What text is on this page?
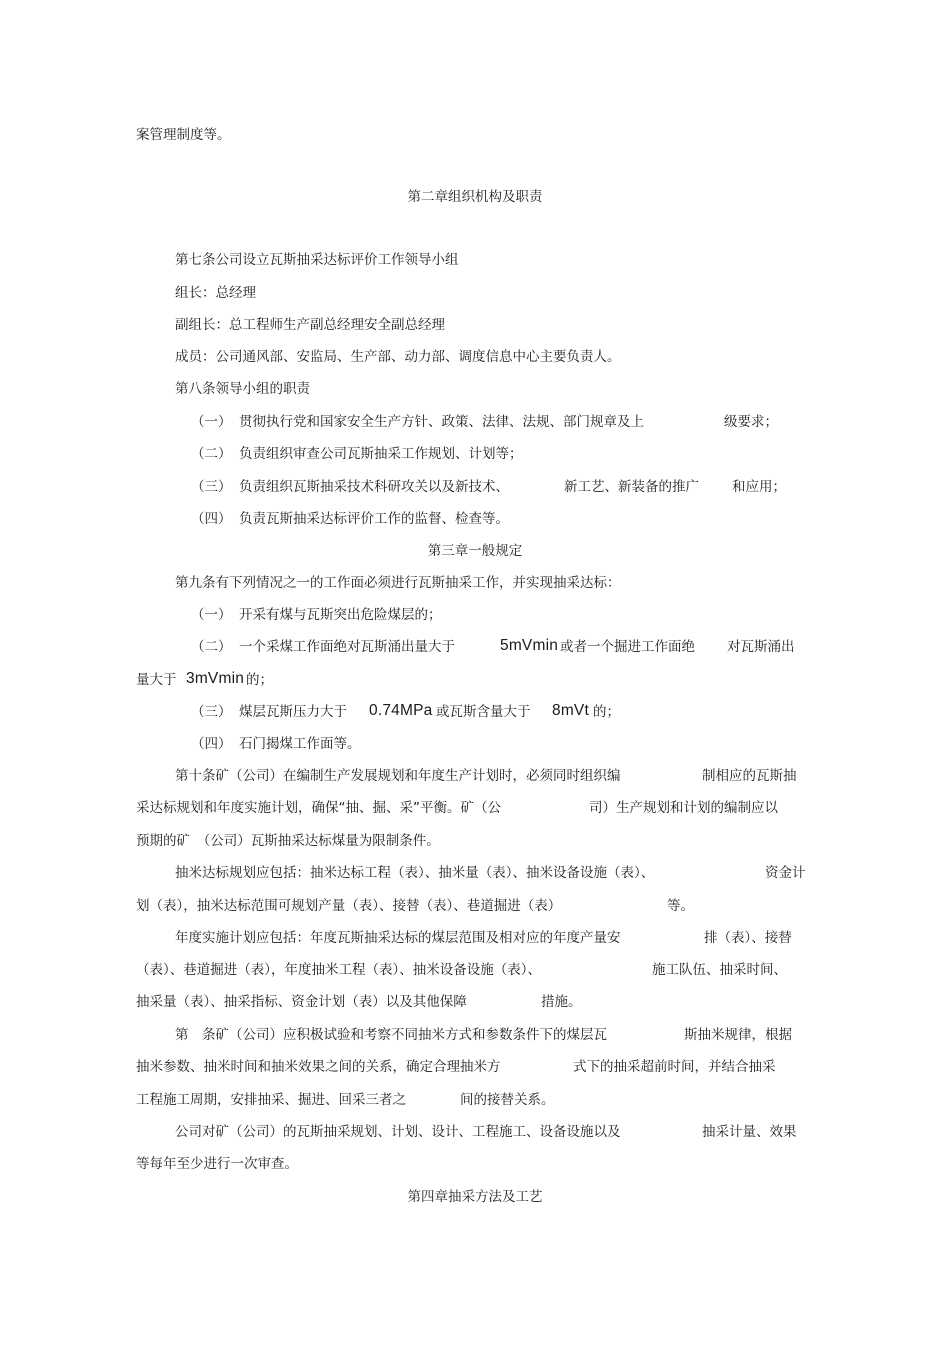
案管理制度等。
第二章组织机构及职责
第七条公司设立瓦斯抽采达标评价工作领导小组
组长：总经理
副组长：总工程师生产副总经理安全副总经理
成员：公司通风部、安监局、生产部、动力部、调度信息中心主要负责人。
第八条领导小组的职责
（一） 贯彻执行党和国家安全生产方针、政策、法律、法规、部门规章及上	级要求；
（二） 负责组织审查公司瓦斯抽采工作规划、计划等；
（三） 负责组织瓦斯抽采技术科研攻关以及新技术、	新工艺、新装备的推广 和应用；
（四） 负责瓦斯抽采达标评价工作的监督、检查等。
第三章一般规定
第九条有下列情况之一的工作面必须进行瓦斯抽采工作，并实现抽采达标：
（一） 开采有煤与瓦斯突出危险煤层的；
（二） 一个采煤工作面绝对瓦斯涌出量大于	5mVmin 或者一个掘进工作面绝 对瓦斯涌出
量大于 3mVmin 的；
（三） 煤层瓦斯压力大于 0.74MPa 或瓦斯含量大于 8mVt 的；
（四） 石门揭煤工作面等。
第十条矿（公司）在编制生产发展规划和年度生产计划时，必须同时组织编	制相应的瓦斯抽
采达标规划和年度实施计划，确保“抽、掘、采”平衡。矿（公	司）生产规划和计划的编制应以
预期的矿　（公司）瓦斯抽采达标煤量为限制条件。
抽米达标规划应包括：抽米达标工程（表）、抽米量（表）、抽米设备设施（表）、	资金计
划（表），抽米达标范围可规划产量（表）、接替（表）、巷道掘进（表）	等。
年度实施计划应包括：年度瓦斯抽采达标的煤层范围及相对应的年度产量安	排（表）、接替
（表）、巷道掘进（表），年度抽米工程（表）、抽米设备设施（表）、	施工队伍、抽采时间、
抽采量（表）、抽采指标、资金计划（表）以及其他保障	措施。
第　条矿（公司）应积极试验和考察不同抽米方式和参数条件下的煤层瓦	斯抽米规律，根据
抽米参数、抽米时间和抽米效果之间的关系，确定合理抽米方	式下的抽采超前时间，并结合抽采
工程施工周期，安排抽采、掘进、回采三者之	间的接替关系。
公司对矿（公司）的瓦斯抽采规划、计划、设计、工程施工、设备设施以及	抽采计量、效果
等每年至少进行一次审查。
第四章抽采方法及工艺
